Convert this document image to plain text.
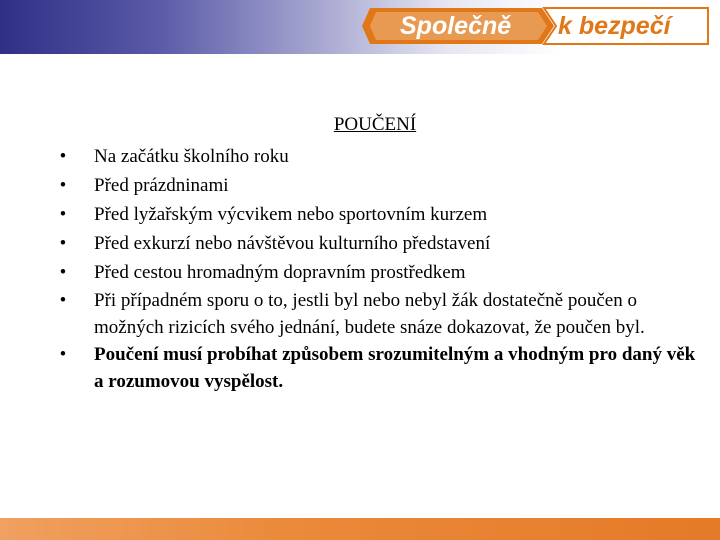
Společně k bezpečí
POUČENÍ
• Na začátku školního roku
• Před prázdninami
• Před lyžařským výcvikem nebo sportovním kurzem
• Před exkurzí nebo návštěvou kulturního představení
• Před cestou hromadným dopravním prostředkem
• Při případném sporu o to, jestli byl nebo nebyl žák dostatečně poučen o možných rizicích svého jednání, budete snáze dokazovat, že poučen byl.
• Poučení musí probíhat způsobem srozumitelným a vhodným pro daný věk a rozumovou vyspělost.
